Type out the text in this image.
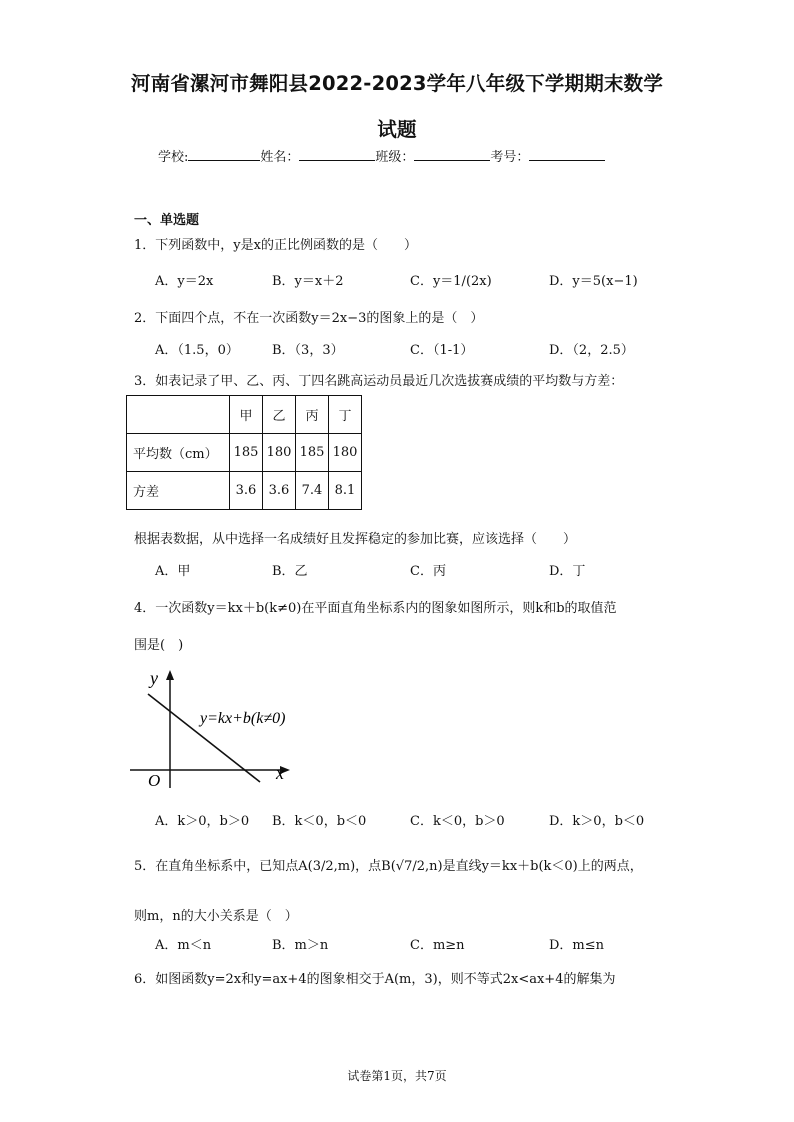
河南省漯河市舞阳县2022-2023学年八年级下学期期末数学
试题
学校:	姓名：	班级：	考号：
一、单选题
1．下列函数中，y是x的正比例函数的是（　　）
A．y＝2x	B．y＝x＋2	C．y＝1/(2x)	D．y＝5(x−1)
2．下面四个点，不在一次函数y＝2x−3的图象上的是（　）
A．（1.5，0）	B．（3，3）	C．（1-1）	D．（2，2.5）
3．如表记录了甲、乙、丙、丁四名跳高运动员最近几次选拔赛成绩的平均数与方差：
	甲	乙	丙	丁
平均数（cm）	185	180	185	180
方差	3.6	3.6	7.4	8.1
根据表数据，从中选择一名成绩好且发挥稳定的参加比赛，应该选择（　　）
A．甲	B．乙	C．丙	D．丁
4．一次函数y＝kx＋b(k≠0)在平面直角坐标系内的图象如图所示，则k和b的取值范
围是(　)
y
x
O
y=kx+b(k≠0)
A．k＞0，b＞0 B．k＜0，b＜0	C．k＜0，b＞0	D．k＞0，b＜0
5．在直角坐标系中，已知点A(3/2,m)，点B(√7/2,n)是直线y＝kx＋b(k＜0)上的两点，
则m，n的大小关系是（　）
A．m＜n	B．m＞n	C．m≥n	D．m≤n
6．如图函数y=2x和y=ax+4的图象相交于A(m，3)，则不等式2x<ax+4的解集为
试卷第1页，共7页
